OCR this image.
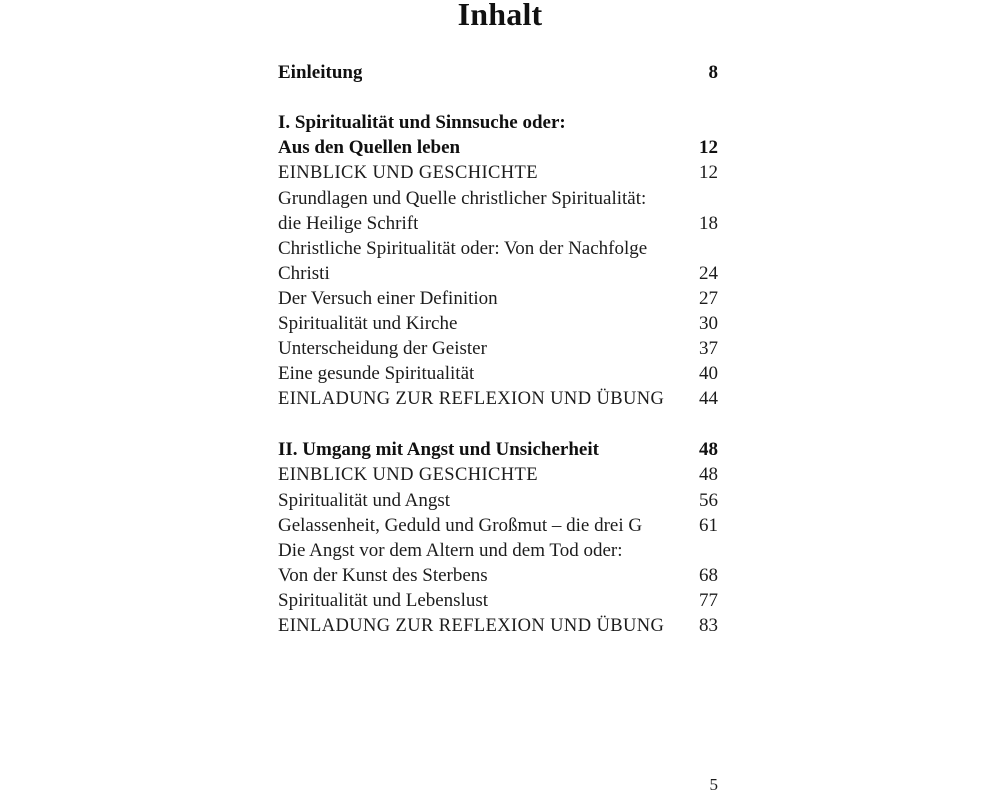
Inhalt
Einleitung	8
I. Spiritualität und Sinnsuche oder:
Aus den Quellen leben	12
EINBLICK UND GESCHICHTE	12
Grundlagen und Quelle christlicher Spiritualität:
die Heilige Schrift	18
Christliche Spiritualität oder: Von der Nachfolge
Christi	24
Der Versuch einer Definition	27
Spiritualität und Kirche	30
Unterscheidung der Geister	37
Eine gesunde Spiritualität	40
EINLADUNG ZUR REFLEXION UND ÜBUNG	44
II. Umgang mit Angst und Unsicherheit	48
EINBLICK UND GESCHICHTE	48
Spiritualität und Angst	56
Gelassenheit, Geduld und Großmut – die drei G	61
Die Angst vor dem Altern und dem Tod oder:
Von der Kunst des Sterbens	68
Spiritualität und Lebenslust	77
EINLADUNG ZUR REFLEXION UND ÜBUNG	83
5
